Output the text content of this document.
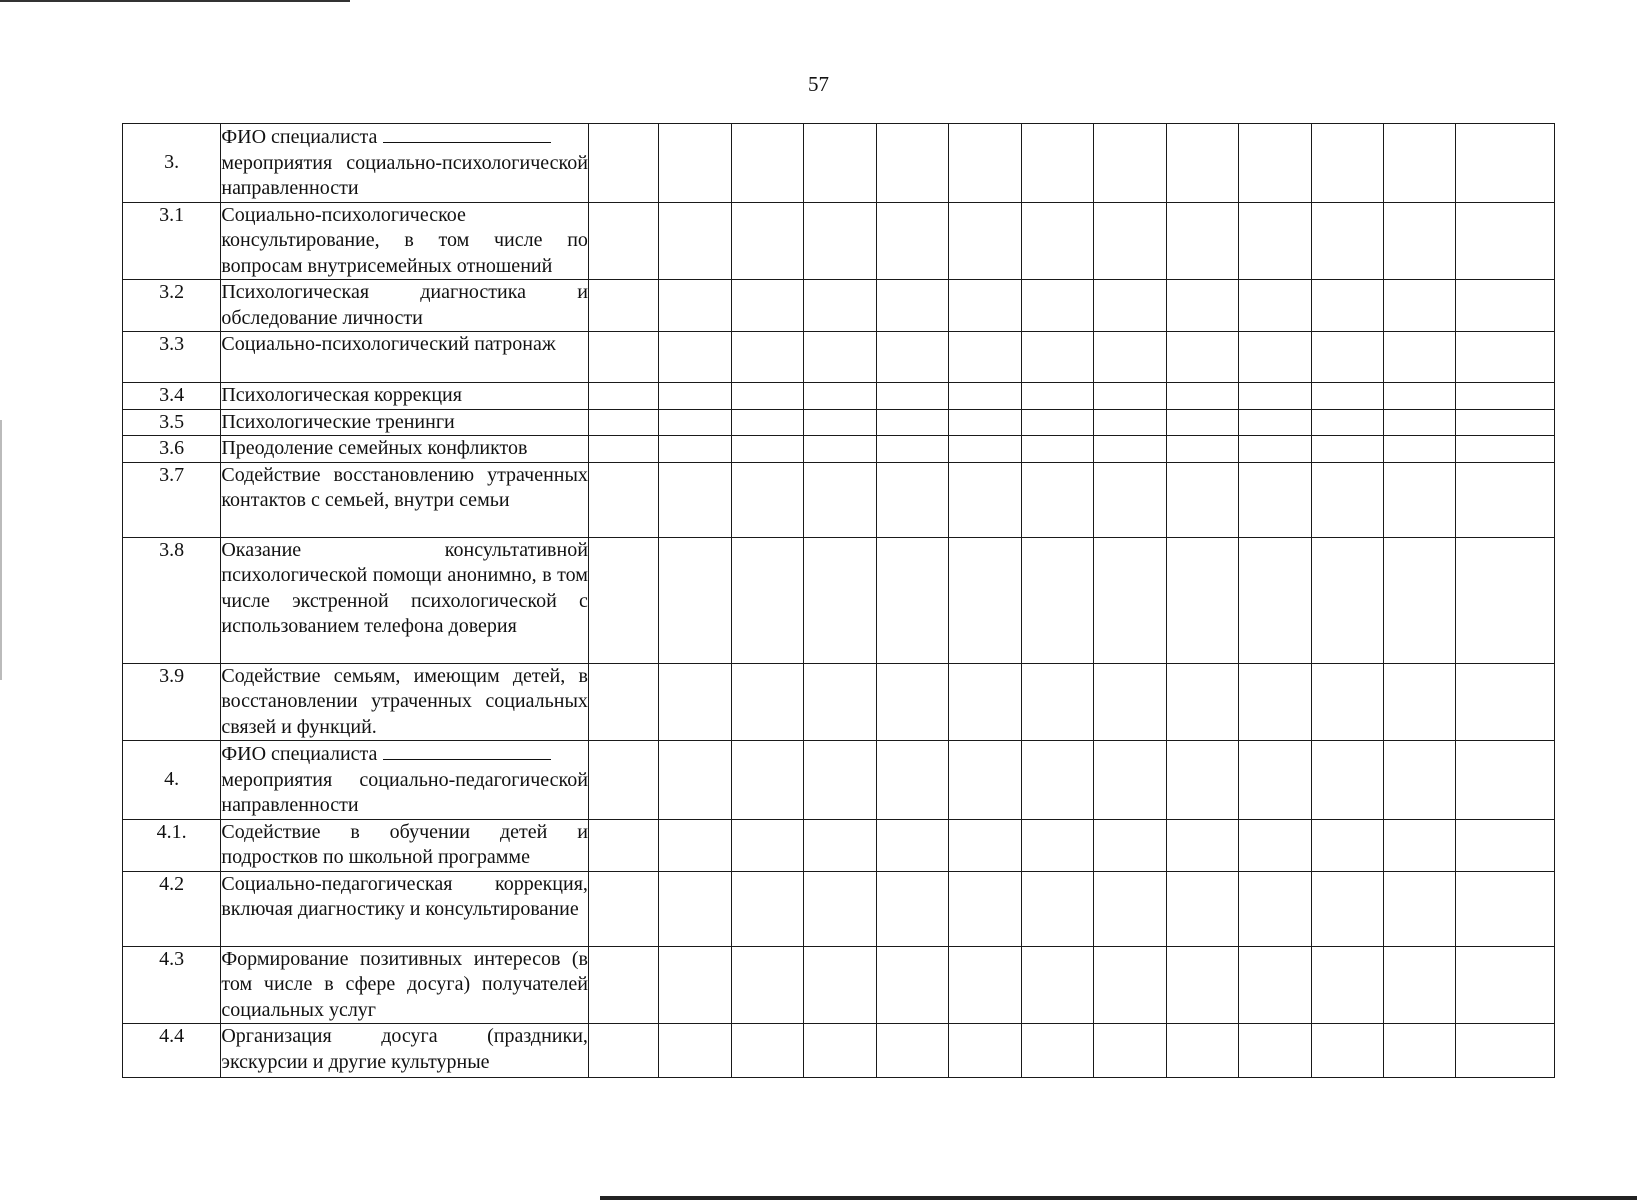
57
3.	ФИО специалиста
мероприятия социально-психологической направленности													

3.1	Социально-психологическое консультирование, в том числе по вопросам внутрисемейных отношений													

3.2	Психологическая диагностика и обследование личности													

3.3	Социально-психологический патронаж													

3.4	Психологическая коррекция													

3.5	Психологические тренинги													

3.6	Преодоление семейных конфликтов													

3.7	Содействие восстановлению утраченных контактов с семьей, внутри семьи													

3.8	Оказание консультативной психологической помощи анонимно, в том числе экстренной психологической с использованием телефона доверия													

3.9	Содействие семьям, имеющим детей, в восстановлении утраченных социальных связей и функций.													

4.	ФИО специалиста
мероприятия социально-педагогической направленности													

4.1.	Содействие в обучении детей и подростков по школьной программе													

4.2	Социально-педагогическая коррекция, включая диагностику и консультирование													

4.3	Формирование позитивных интересов (в том числе в сфере досуга) получателей социальных услуг													

4.4	Организация досуга (праздники, экскурсии и другие культурные													
